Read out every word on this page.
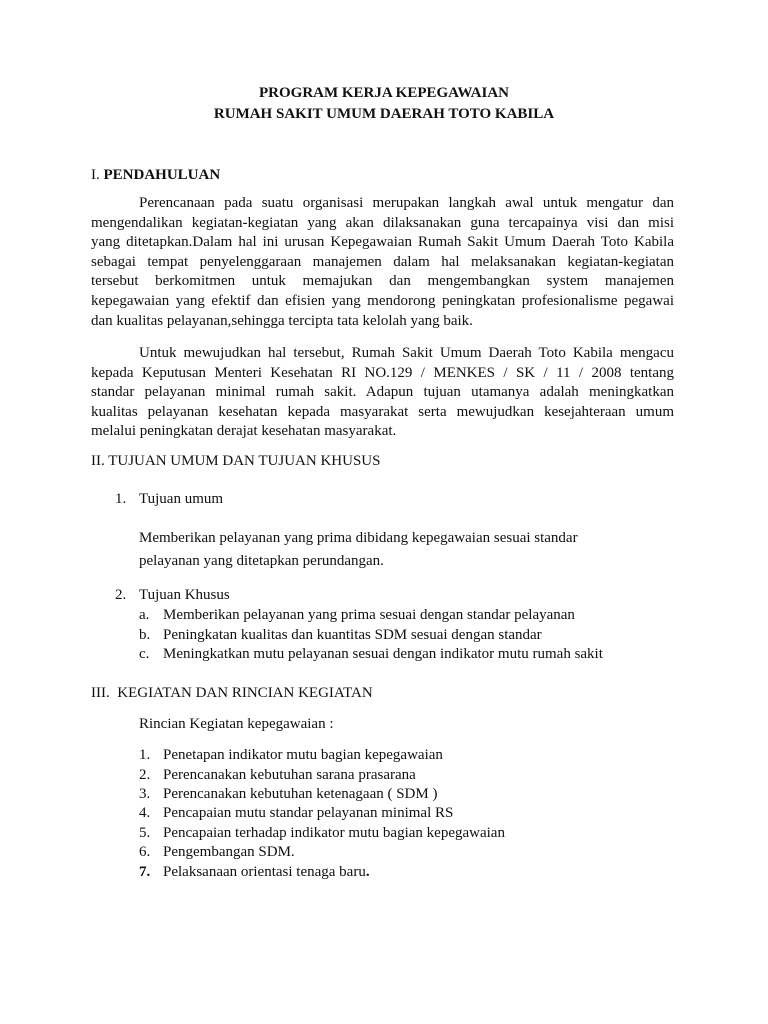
PROGRAM KERJA KEPEGAWAIAN
RUMAH SAKIT UMUM DAERAH TOTO KABILA
I. PENDAHULUAN
Perencanaan pada suatu organisasi merupakan langkah awal untuk mengatur dan
mengendalikan kegiatan-kegiatan yang akan dilaksanakan guna tercapainya visi dan misi
yang ditetapkan.Dalam hal ini urusan Kepegawaian Rumah Sakit Umum Daerah Toto Kabila
sebagai tempat penyelenggaraan manajemen dalam hal melaksanakan kegiatan-kegiatan
tersebut berkomitmen untuk memajukan dan mengembangkan system manajemen
kepegawaian yang efektif dan efisien yang mendorong peningkatan profesionalisme pegawai
dan kualitas pelayanan,sehingga tercipta tata kelolah yang baik.
Untuk mewujudkan hal tersebut, Rumah Sakit Umum Daerah Toto Kabila mengacu
kepada Keputusan Menteri Kesehatan RI NO.129 / MENKES / SK / 11 / 2008 tentang
standar pelayanan minimal rumah sakit. Adapun tujuan utamanya adalah meningkatkan
kualitas pelayanan kesehatan kepada masyarakat serta mewujudkan kesejahteraan umum
melalui peningkatan derajat kesehatan masyarakat.
II. TUJUAN UMUM DAN TUJUAN KHUSUS
1. Tujuan umum
Memberikan pelayanan yang prima dibidang kepegawaian sesuai standar
pelayanan yang ditetapkan perundangan.
2. Tujuan Khusus
a. Memberikan pelayanan yang prima sesuai dengan standar pelayanan
b. Peningkatan kualitas dan kuantitas SDM sesuai dengan standar
c. Meningkatkan mutu pelayanan sesuai dengan indikator mutu rumah sakit
III.  KEGIATAN DAN RINCIAN KEGIATAN
Rincian Kegiatan kepegawaian :
1. Penetapan indikator mutu bagian kepegawaian
2. Perencanakan kebutuhan sarana prasarana
3. Perencanakan kebutuhan ketenagaan ( SDM )
4. Pencapaian mutu standar pelayanan minimal RS
5. Pencapaian terhadap indikator mutu bagian kepegawaian
6. Pengembangan SDM.
7. Pelaksanaan orientasi tenaga baru.
